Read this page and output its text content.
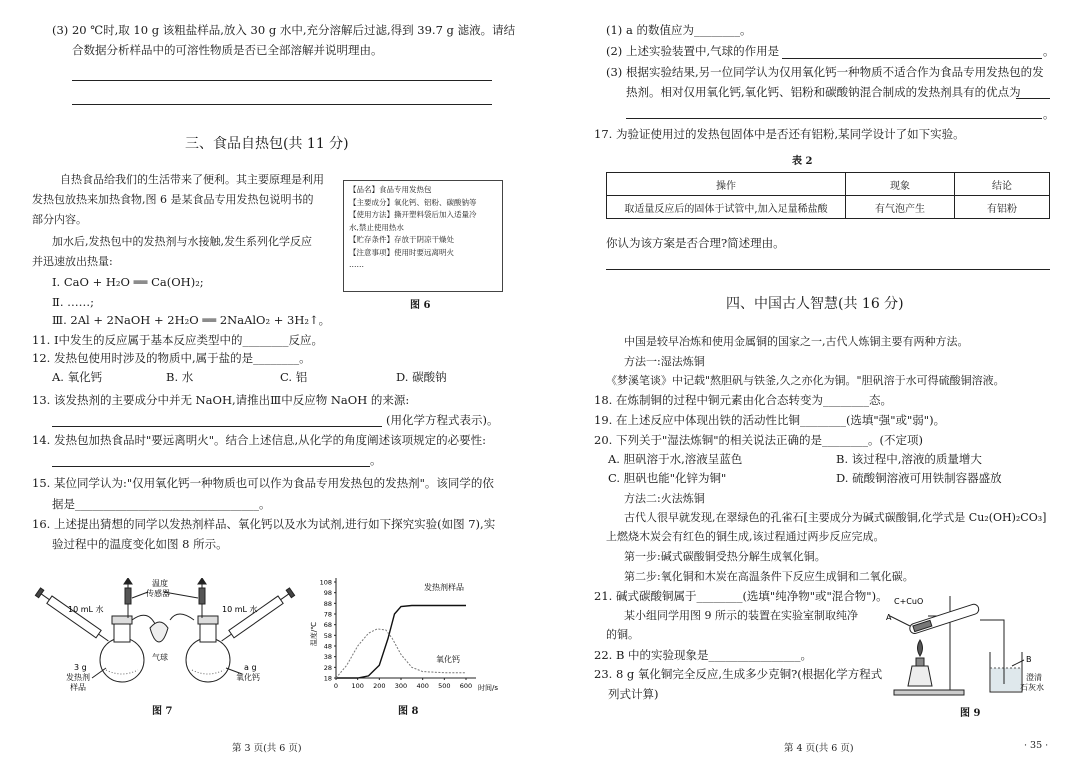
(3) 20 ℃时,取 10 g 该粗盐样品,放入 30 g 水中,充分溶解后过滤,得到 39.7 g 滤液。请结
合数据分析样品中的可溶性物质是否已全部溶解并说明理由。
三、食品自热包(共 11 分)
自热食品给我们的生活带来了便利。其主要原理是利用
发热包放热来加热食物,图 6 是某食品专用发热包说明书的
部分内容。
加水后,发热包中的发热剂与水接触,发生系列化学反应
并迅速放出热量:
Ⅰ. CaO + H₂O ══ Ca(OH)₂;
Ⅱ. ……;
Ⅲ. 2Al + 2NaOH + 2H₂O ══ 2NaAlO₂ + 3H₂↑。
【品名】食品专用发热包
【主要成分】氧化钙、铝粉、碳酸钠等
【使用方法】撕开塑料袋后加入适量冷
水,禁止使用热水
【贮存条件】存放于阴凉干燥处
【注意事项】使用时要远离明火
……
图 6
11. Ⅰ中发生的反应属于基本反应类型中的________反应。
12. 发热包使用时涉及的物质中,属于盐的是________。
A. 氧化钙	B. 水	C. 铝	D. 碳酸钠
13. 该发热剂的主要成分中并无 NaOH,请推出Ⅲ中反应物 NaOH 的来源:
(用化学方程式表示)。
14. 发热包加热食品时"要远离明火"。结合上述信息,从化学的角度阐述该项规定的必要性:
。
15. 某位同学认为:"仅用氧化钙一种物质也可以作为食品专用发热包的发热剂"。该同学的依
据是________________________________。
16. 上述提出猜想的同学以发热剂样品、氧化钙以及水为试剂,进行如下探究实验(如图 7),实
验过程中的温度变化如图 8 所示。
10 mL 水	10 mL 水
温度
传感器
气球
3 g
发热剂
样品
a g
氧化钙
图 7
18
28
38
48
58
68
78
88
98
108
0 100 200 300 400 500 600
温度/℃
时间/s
发热剂样品
氧化钙
图 8
第 3 页(共 6 页)
(1) a 的数值应为________。
(2) 上述实验装置中,气球的作用是	。
(3) 根据实验结果,另一位同学认为仅用氧化钙一种物质不适合作为食品专用发热包的发
热剂。相对仅用氧化钙,氧化钙、铝粉和碳酸钠混合制成的发热剂具有的优点为
。
17. 为验证使用过的发热包固体中是否还有铝粉,某同学设计了如下实验。
表 2
操作	现象	结论
取适量反应后的固体于试管中,加入足量稀盐酸	有气泡产生	有铝粉
你认为该方案是否合理?简述理由。
四、中国古人智慧(共 16 分)
中国是较早冶炼和使用金属铜的国家之一,古代人炼铜主要有两种方法。
方法一:湿法炼铜
《梦溪笔谈》中记载"熬胆矾与铁釜,久之亦化为铜。"胆矾溶于水可得硫酸铜溶液。
18. 在炼制铜的过程中铜元素由化合态转变为________态。
19. 在上述反应中体现出铁的活动性比铜________(选填"强"或"弱")。
20. 下列关于"湿法炼铜"的相关说法正确的是________。(不定项)
A. 胆矾溶于水,溶液呈蓝色	B. 该过程中,溶液的质量增大
C. 胆矾也能"化锌为铜"	D. 硫酸铜溶液可用铁制容器盛放
方法二:火法炼铜
古代人很早就发现,在翠绿色的孔雀石[主要成分为碱式碳酸铜,化学式是 Cu₂(OH)₂CO₃]
上燃烧木炭会有红色的铜生成,该过程通过两步反应完成。
第一步:碱式碳酸铜受热分解生成氧化铜。
第二步:氧化铜和木炭在高温条件下反应生成铜和二氧化碳。
21. 碱式碳酸铜属于________(选填"纯净物"或"混合物")。
某小组同学用图 9 所示的装置在实验室制取纯净
的铜。
22. B 中的实验现象是________________。
23. 8 g 氧化铜完全反应,生成多少克铜?(根据化学方程式
列式计算)
C+CuO
A
B
澄清
石灰水
图 9
第 4 页(共 6 页)	· 35 ·
